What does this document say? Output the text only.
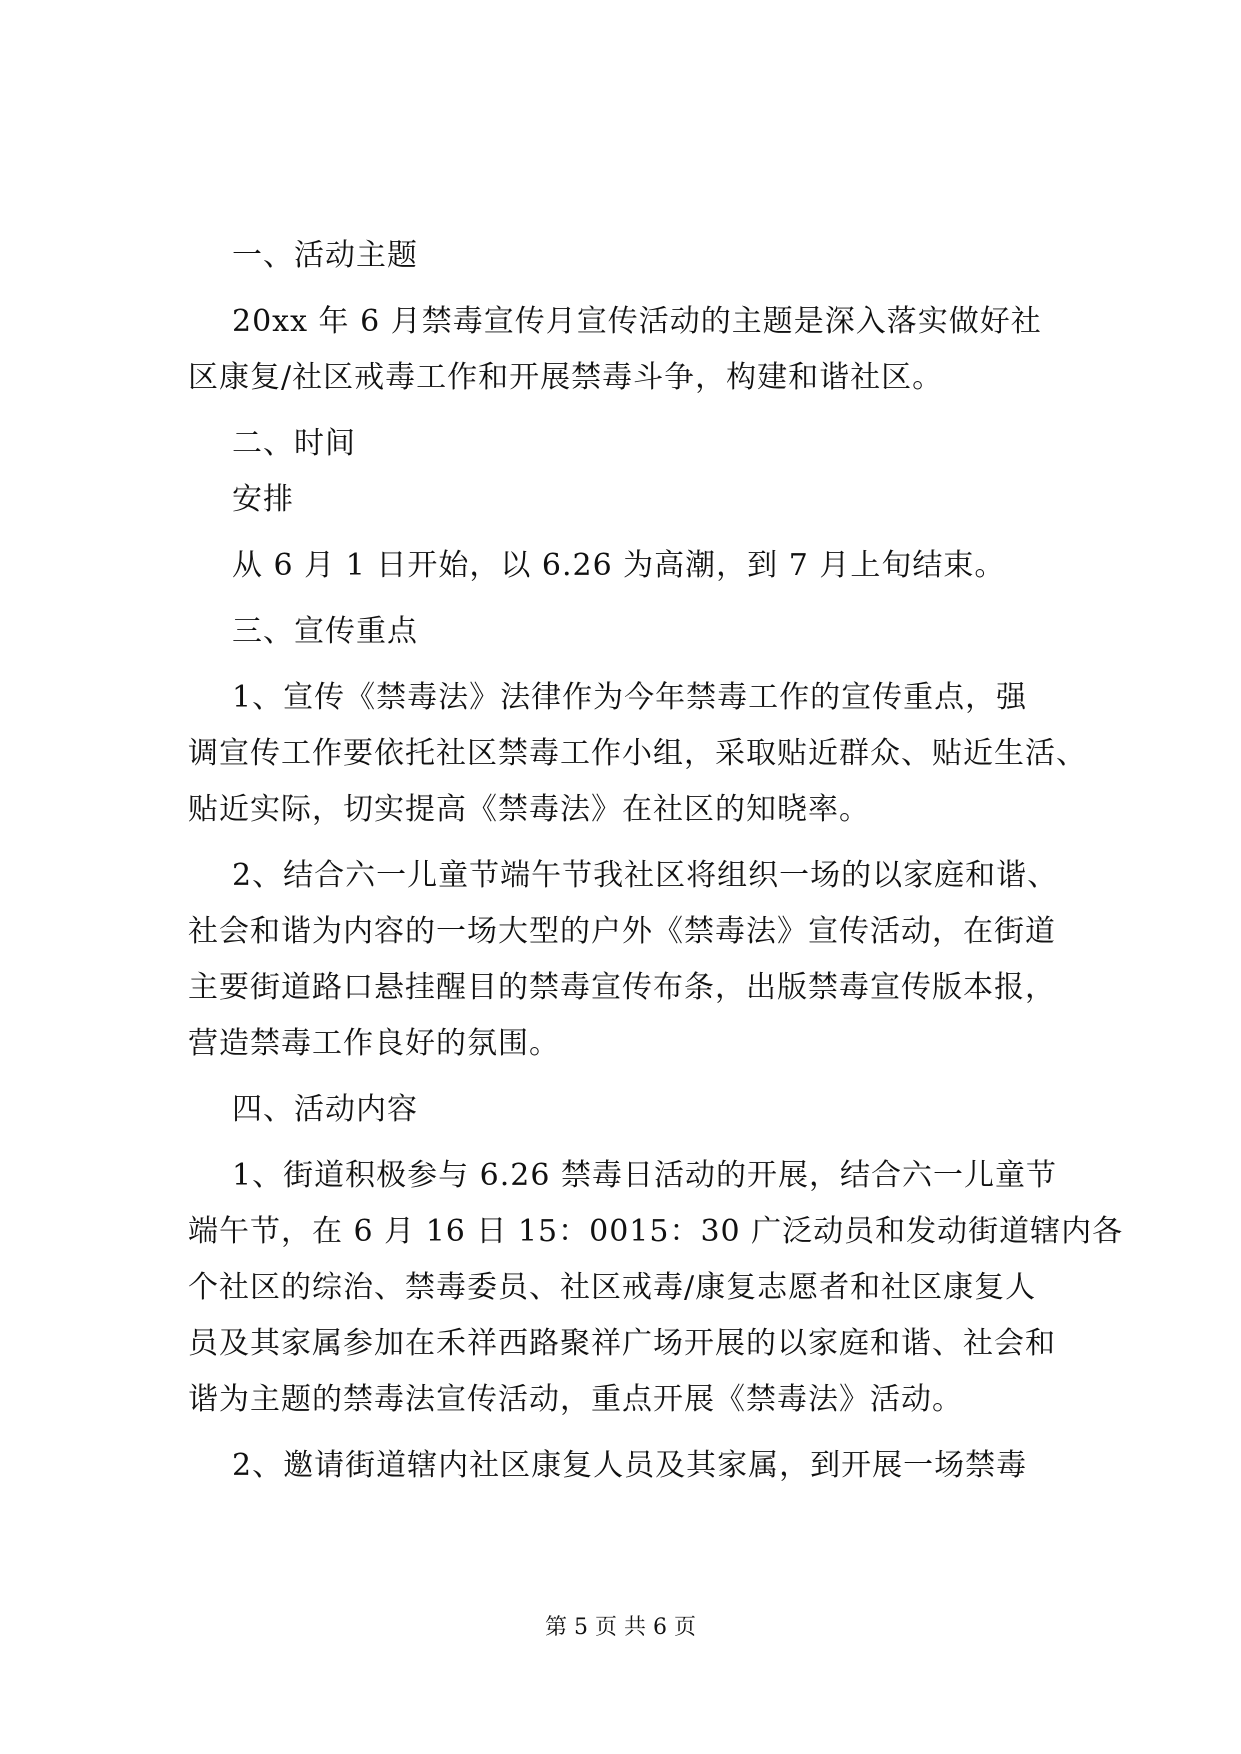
一、活动主题
20xx 年 6 月禁毒宣传月宣传活动的主题是深入落实做好社
区康复/社区戒毒工作和开展禁毒斗争，构建和谐社区。
二、时间
安排
从 6 月 1 日开始，以 6.26 为高潮，到 7 月上旬结束。
三、宣传重点
1、宣传《禁毒法》法律作为今年禁毒工作的宣传重点，强
调宣传工作要依托社区禁毒工作小组，采取贴近群众、贴近生活、
贴近实际，切实提高《禁毒法》在社区的知晓率。
2、结合六一儿童节端午节我社区将组织一场的以家庭和谐、
社会和谐为内容的一场大型的户外《禁毒法》宣传活动，在街道
主要街道路口悬挂醒目的禁毒宣传布条，出版禁毒宣传版本报，
营造禁毒工作良好的氛围。
四、活动内容
1、街道积极参与 6.26 禁毒日活动的开展，结合六一儿童节
端午节，在 6 月 16 日 15：0015：30 广泛动员和发动街道辖内各
个社区的综治、禁毒委员、社区戒毒/康复志愿者和社区康复人
员及其家属参加在禾祥西路聚祥广场开展的以家庭和谐、社会和
谐为主题的禁毒法宣传活动，重点开展《禁毒法》活动。
2、邀请街道辖内社区康复人员及其家属，到开展一场禁毒
第 5 页 共 6 页
